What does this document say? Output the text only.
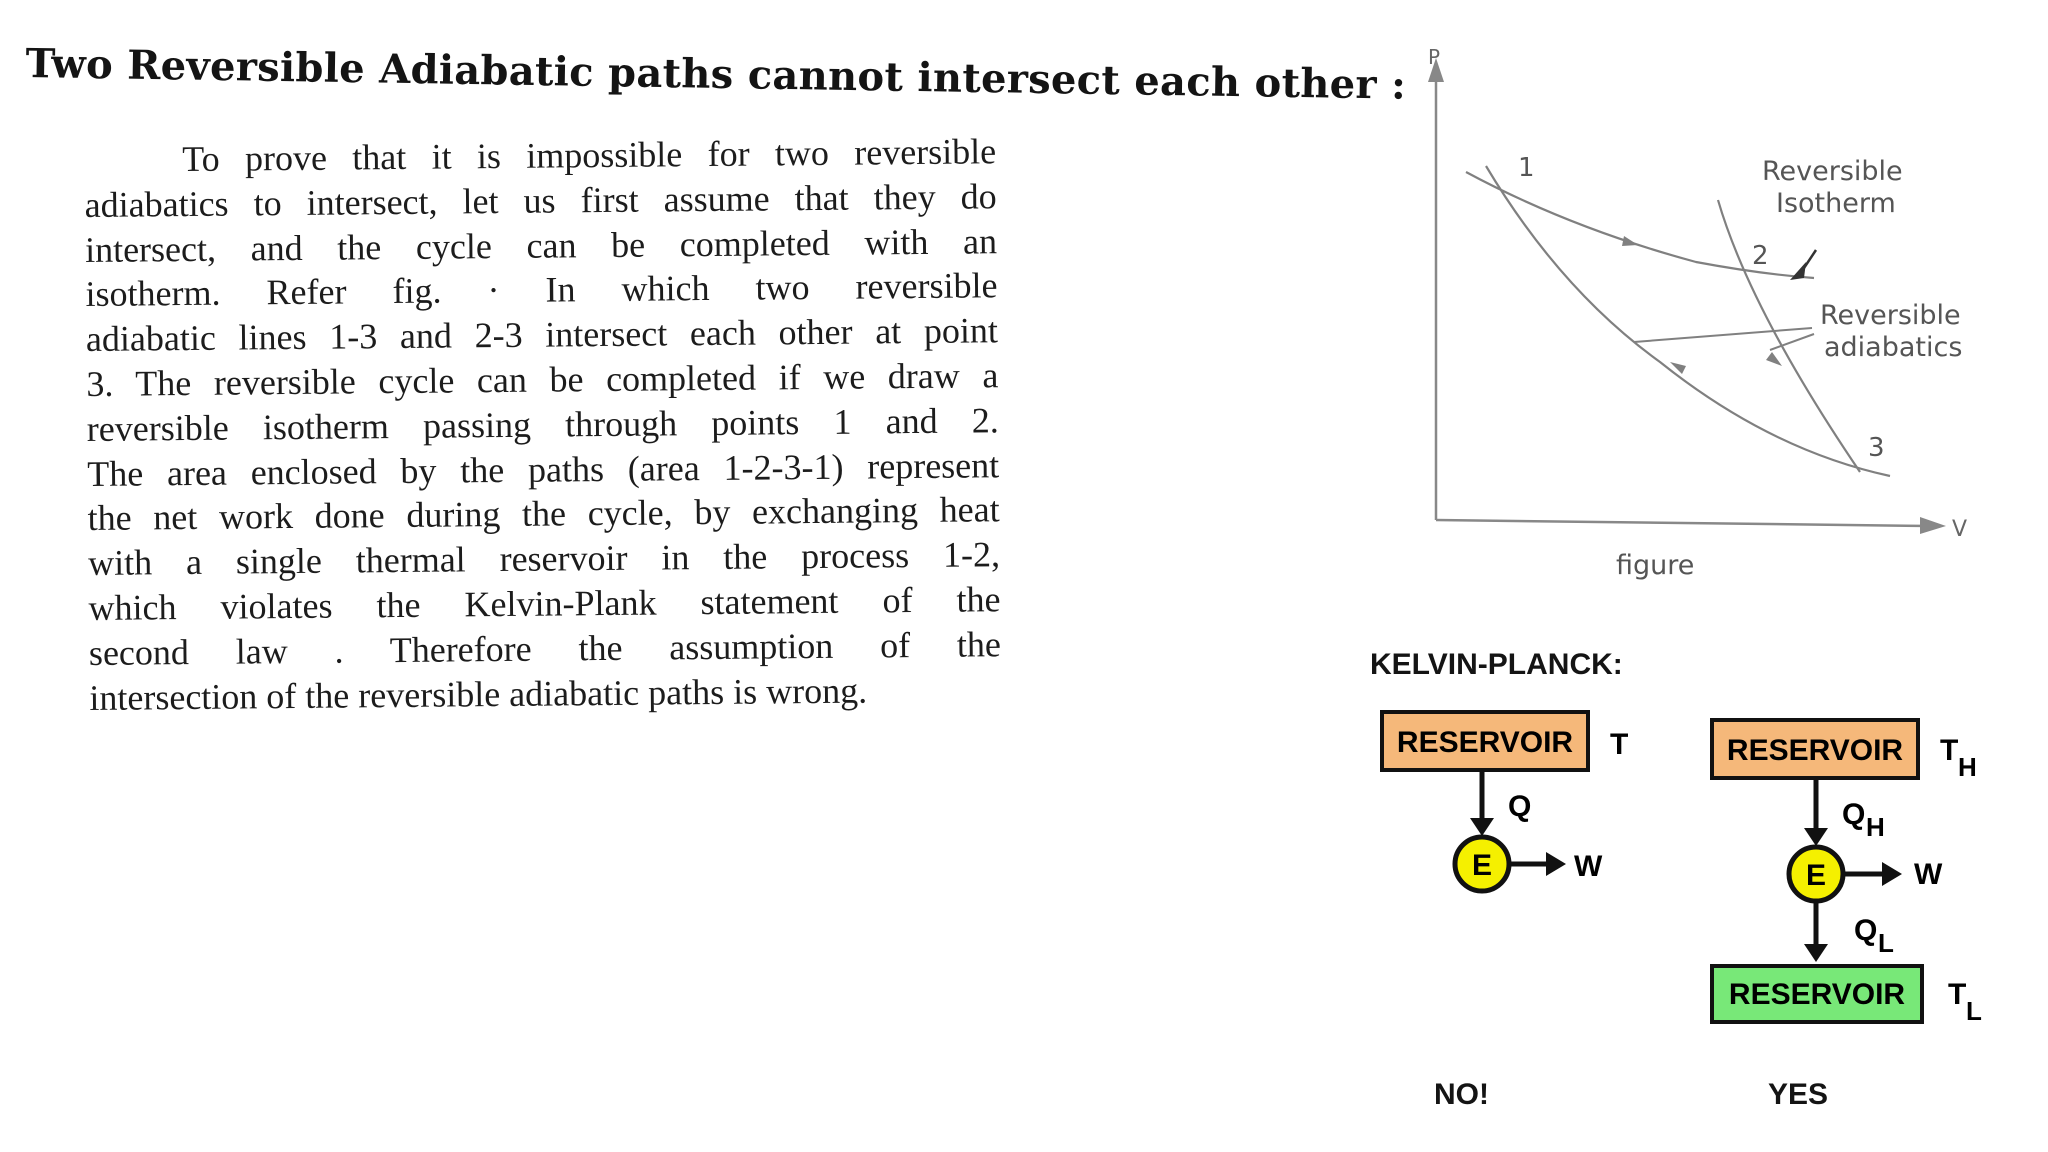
Two Reversible Adiabatic paths cannot intersect each other :
To prove that it is impossible for two reversible
adiabatics to intersect, let us first assume that they do
intersect, and the cycle can be completed with an
isotherm. Refer fig. · In which two reversible
adiabatic lines 1-3 and 2-3 intersect each other at point
3. The reversible cycle can be completed if we draw a
reversible isotherm passing through points 1 and 2.
The area enclosed by the paths (area 1-2-3-1) represent
the net work done during the cycle, by exchanging heat
with a single thermal reservoir in the process 1-2,
which violates the Kelvin-Plank statement of the
second law . Therefore the assumption of the
intersection of the reversible adiabatic paths is wrong.
P
V
1
2
3
Reversible
Isotherm
Reversible
adiabatics
figure
KELVIN-PLANCK:
RESERVOIR T
Q
E	W
RESERVOIR T H
Q H
E	W
Q L
RESERVOIR T L
NO!	YES
